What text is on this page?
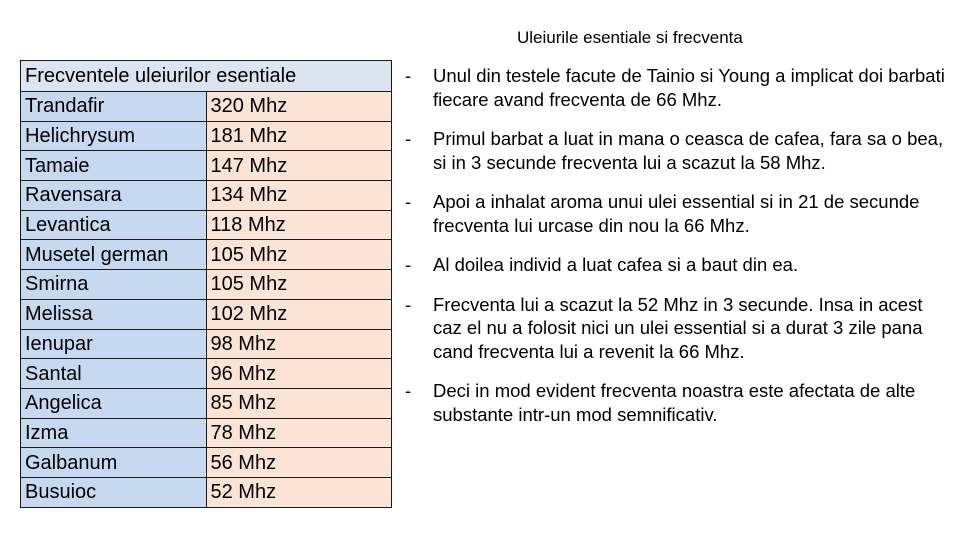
Uleiurile esentiale si frecventa
Frecventele uleiurilor esentiale	
Trandafir	320 Mhz
Helichrysum	181 Mhz
Tamaie	147 Mhz
Ravensara	134 Mhz
Levantica	118 Mhz
Musetel german	105 Mhz
Smirna	105 Mhz
Melissa	102 Mhz
Ienupar	98 Mhz
Santal	96 Mhz
Angelica	85 Mhz
Izma	78 Mhz
Galbanum	56 Mhz
Busuioc	52 Mhz
- Unul din testele facute de Tainio si Young a implicat doi barbati fiecare avand frecventa de 66 Mhz.
- Primul barbat a luat in mana o ceasca de cafea, fara sa o bea, si in 3 secunde frecventa lui a scazut la 58 Mhz.
- Apoi a inhalat aroma unui ulei essential si in 21 de secunde frecventa lui urcase din nou la 66 Mhz.
- Al doilea individ a luat cafea si a baut din ea.
- Frecventa lui a scazut la 52 Mhz in 3 secunde. Insa in acest caz el nu a folosit nici un ulei essential si a durat 3 zile pana cand frecventa lui a revenit la 66 Mhz.
- Deci in mod evident frecventa noastra este afectata de alte substante intr-un mod semnificativ.
